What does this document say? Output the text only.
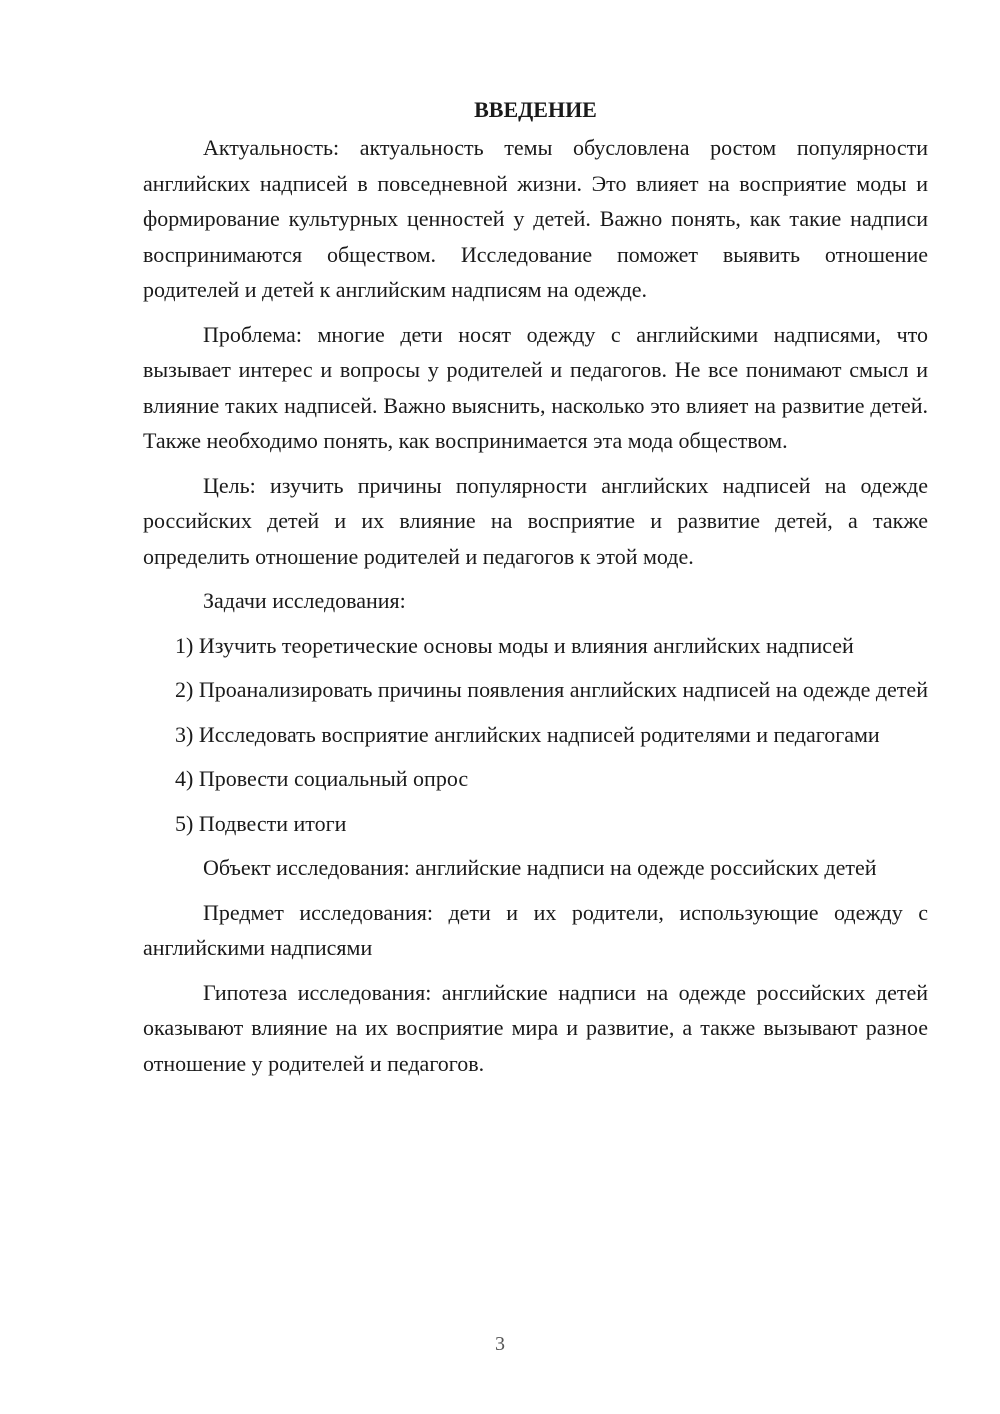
ВВЕДЕНИЕ

Актуальность: актуальность темы обусловлена ростом популярности английских надписей в повседневной жизни. Это влияет на восприятие моды и формирование культурных ценностей у детей. Важно понять, как такие надписи воспринимаются обществом. Исследование поможет выявить отношение родителей и детей к английским надписям на одежде.

Проблема: многие дети носят одежду с английскими надписями, что вызывает интерес и вопросы у родителей и педагогов. Не все понимают смысл и влияние таких надписей. Важно выяснить, насколько это влияет на развитие детей. Также необходимо понять, как воспринимается эта мода обществом.

Цель: изучить причины популярности английских надписей на одежде российских детей и их влияние на восприятие и развитие детей, а также определить отношение родителей и педагогов к этой моде.

Задачи исследования:

1) Изучить теоретические основы моды и влияния английских надписей

2) Проанализировать причины появления английских надписей на одежде детей

3) Исследовать восприятие английских надписей родителями и педагогами

4) Провести социальный опрос

5) Подвести итоги

Объект исследования: английские надписи на одежде российских детей

Предмет исследования: дети и их родители, использующие одежду с английскими надписями

Гипотеза исследования: английские надписи на одежде российских детей оказывают влияние на их восприятие мира и развитие, а также вызывают разное отношение у родителей и педагогов.

3
